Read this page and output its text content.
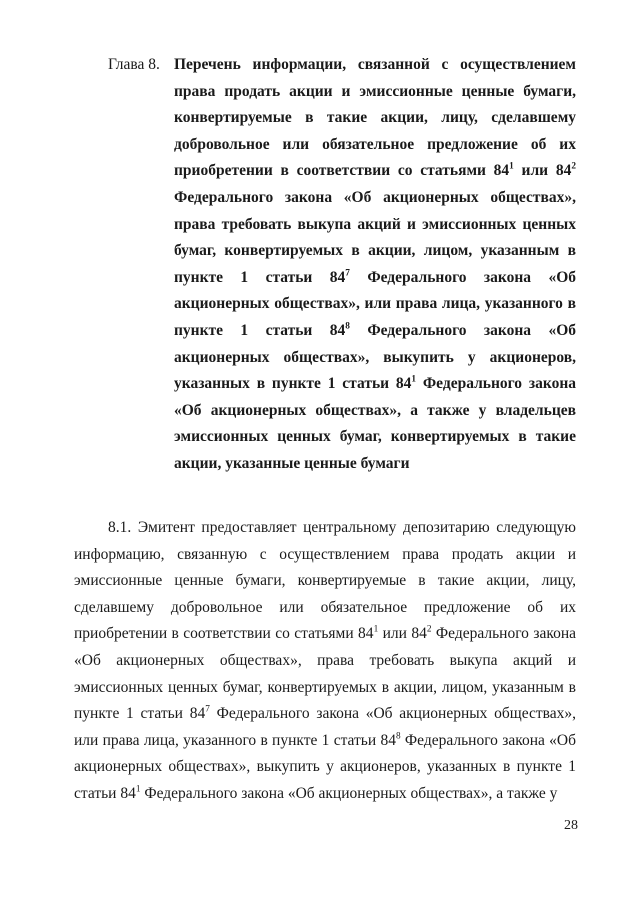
Глава 8. Перечень информации, связанной с осуществлением права продать акции и эмиссионные ценные бумаги, конвертируемые в такие акции, лицу, сделавшему добровольное или обязательное предложение об их приобретении в соответствии со статьями $84^1$ или $84^2$ Федерального закона «Об акционерных обществах», права требовать выкупа акций и эмиссионных ценных бумаг, конвертируемых в акции, лицом, указанным в пункте 1 статьи $84^7$ Федерального закона «Об акционерных обществах», или права лица, указанного в пункте 1 статьи $84^8$ Федерального закона «Об акционерных обществах», выкупить у акционеров, указанных в пункте 1 статьи $84^1$ Федерального закона «Об акционерных обществах», а также у владельцев эмиссионных ценных бумаг, конвертируемых в такие акции, указанные ценные бумаги

8.1. Эмитент предоставляет центральному депозитарию следующую информацию, связанную с осуществлением права продать акции и эмиссионные ценные бумаги, конвертируемые в такие акции, лицу, сделавшему добровольное или обязательное предложение об их приобретении в соответствии со статьями $84^1$ или $84^2$ Федерального закона «Об акционерных обществах», права требовать выкупа акций и эмиссионных ценных бумаг, конвертируемых в акции, лицом, указанным в пункте 1 статьи $84^7$ Федерального закона «Об акционерных обществах», или права лица, указанного в пункте 1 статьи $84^8$ Федерального закона «Об акционерных обществах», выкупить у акционеров, указанных в пункте 1 статьи $84^1$ Федерального закона «Об акционерных обществах», а также у

28
